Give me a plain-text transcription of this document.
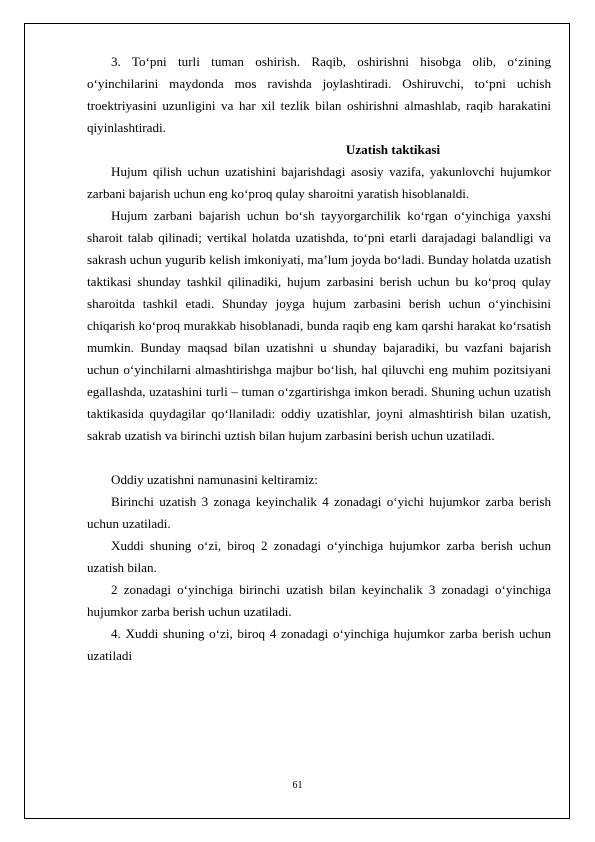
3. To‘pni turli tuman oshirish. Raqib, oshirishni hisobga olib, o‘zining o‘yinchilarini maydonda mos ravishda joylashtiradi. Oshiruvchi, to‘pni uchish troektriyasini uzunligini va har xil tezlik bilan oshirishni almashlab, raqib harakatini qiyinlashtiradi.

Uzatish taktikasi

Hujum qilish uchun uzatishini bajarishdagi asosiy vazifa, yakunlovchi hujumkor zarbani bajarish uchun eng ko‘proq qulay sharoitni yaratish hisoblanaldi.

Hujum zarbani bajarish uchun bo‘sh tayyorgarchilik ko‘rgan o‘yinchiga yaxshi sharoit talab qilinadi; vertikal holatda uzatishda, to‘pni etarli darajadagi balandligi va sakrash uchun yugurib kelish imkoniyati, ma’lum joyda bo‘ladi. Bunday holatda uzatish taktikasi shunday tashkil qilinadiki, hujum zarbasini berish uchun bu ko‘proq qulay sharoitda tashkil etadi. Shunday joyga hujum zarbasini berish uchun o‘yinchisini chiqarish ko‘proq murakkab hisoblanadi, bunda raqib eng kam qarshi harakat ko‘rsatish mumkin. Bunday maqsad bilan uzatishni u shunday bajaradiki, bu vazfani bajarish uchun o‘yinchilarni almashtirishga majbur bo‘lish, hal qiluvchi eng muhim pozitsiyani egallashda, uzatashini turli – tuman o‘zgartirishga imkon beradi. Shuning uchun uzatish taktikasida quydagilar qo‘llaniladi: oddiy uzatishlar, joyni almashtirish bilan uzatish, sakrab uzatish va birinchi uztish bilan hujum zarbasini berish uchun uzatiladi.

Oddiy uzatishni namunasini keltiramiz:

Birinchi uzatish 3 zonaga keyinchalik 4 zonadagi o‘yichi hujumkor zarba berish uchun uzatiladi.

Xuddi shuning o‘zi, biroq 2 zonadagi o‘yinchiga hujumkor zarba berish uchun uzatish bilan.

2 zonadagi o‘yinchiga birinchi uzatish bilan keyinchalik 3 zonadagi o‘yinchiga hujumkor zarba berish uchun uzatiladi.

4. Xuddi shuning o‘zi, biroq 4 zonadagi o‘yinchiga hujumkor zarba berish uchun uzatiladi

61
